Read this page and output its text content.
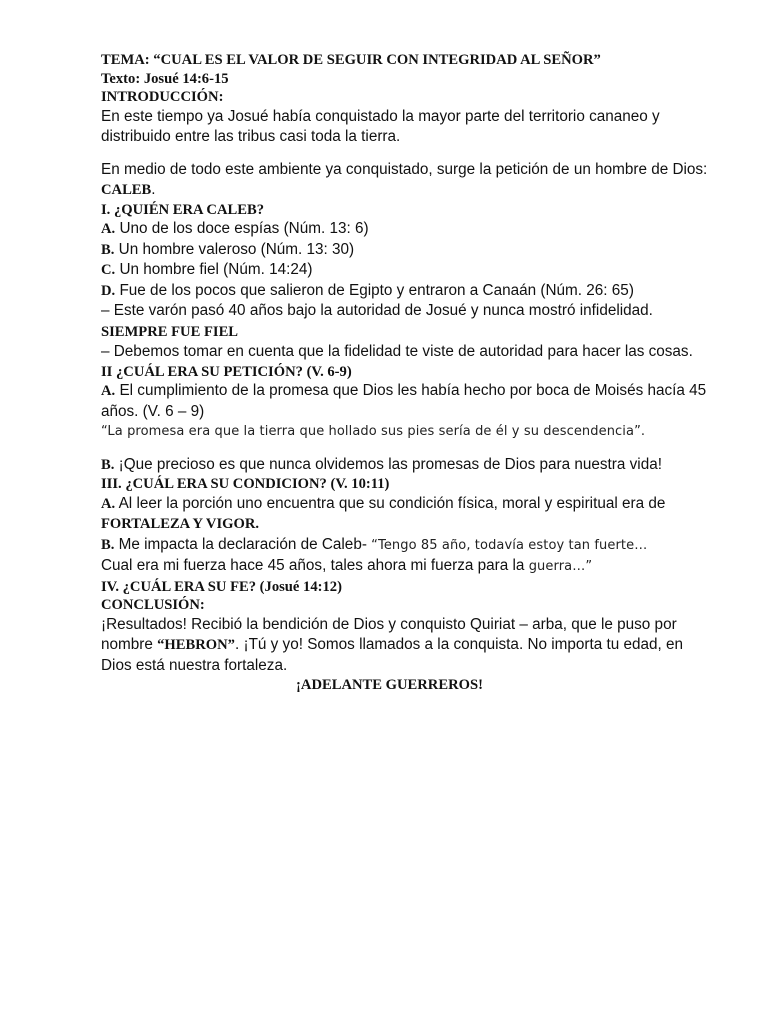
TEMA: “CUAL ES EL VALOR DE SEGUIR CON INTEGRIDAD AL SEÑOR”

Texto: Josué 14:6-15

INTRODUCCIÓN:

En este tiempo ya Josué había conquistado la mayor parte del territorio cananeo y distribuido entre las tribus casi toda la tierra.

En medio de todo este ambiente ya conquistado, surge la petición de un hombre de Dios: CALEB.

I. ¿QUIÉN ERA CALEB?

A. Uno de los doce espías (Núm. 13: 6)

B. Un hombre valeroso (Núm. 13: 30)

C. Un hombre fiel (Núm. 14:24)

D. Fue de los pocos que salieron de Egipto y entraron a Canaán (Núm. 26: 65)

– Este varón pasó 40 años bajo la autoridad de Josué y nunca mostró infidelidad. SIEMPRE FUE FIEL

– Debemos tomar en cuenta que la fidelidad te viste de autoridad para hacer las cosas.

II ¿CUÁL ERA SU PETICIÓN? (V. 6-9)

A. El cumplimiento de la promesa que Dios les había hecho por boca de Moisés hacía 45 años. (V. 6 – 9)

“La promesa era que la tierra que hollado sus pies sería de él y su descendencia”.

B. ¡Que precioso es que nunca olvidemos las promesas de Dios para nuestra vida!

III. ¿CUÁL ERA SU CONDICION? (V. 10:11)

A. Al leer la porción uno encuentra que su condición física, moral y espiritual era de FORTALEZA Y VIGOR.

B. Me impacta la declaración de Caleb- “Tengo 85 año, todavía estoy tan fuerte…
Cual era mi fuerza hace 45 años, tales ahora mi fuerza para la guerra…”

IV. ¿CUÁL ERA SU FE? (Josué 14:12)

CONCLUSIÓN:

¡Resultados! Recibió la bendición de Dios y conquisto Quiriat – arba, que le puso por nombre “HEBRON”. ¡Tú y yo! Somos llamados a la conquista. No importa tu edad, en Dios está nuestra fortaleza.

¡ADELANTE GUERREROS!
